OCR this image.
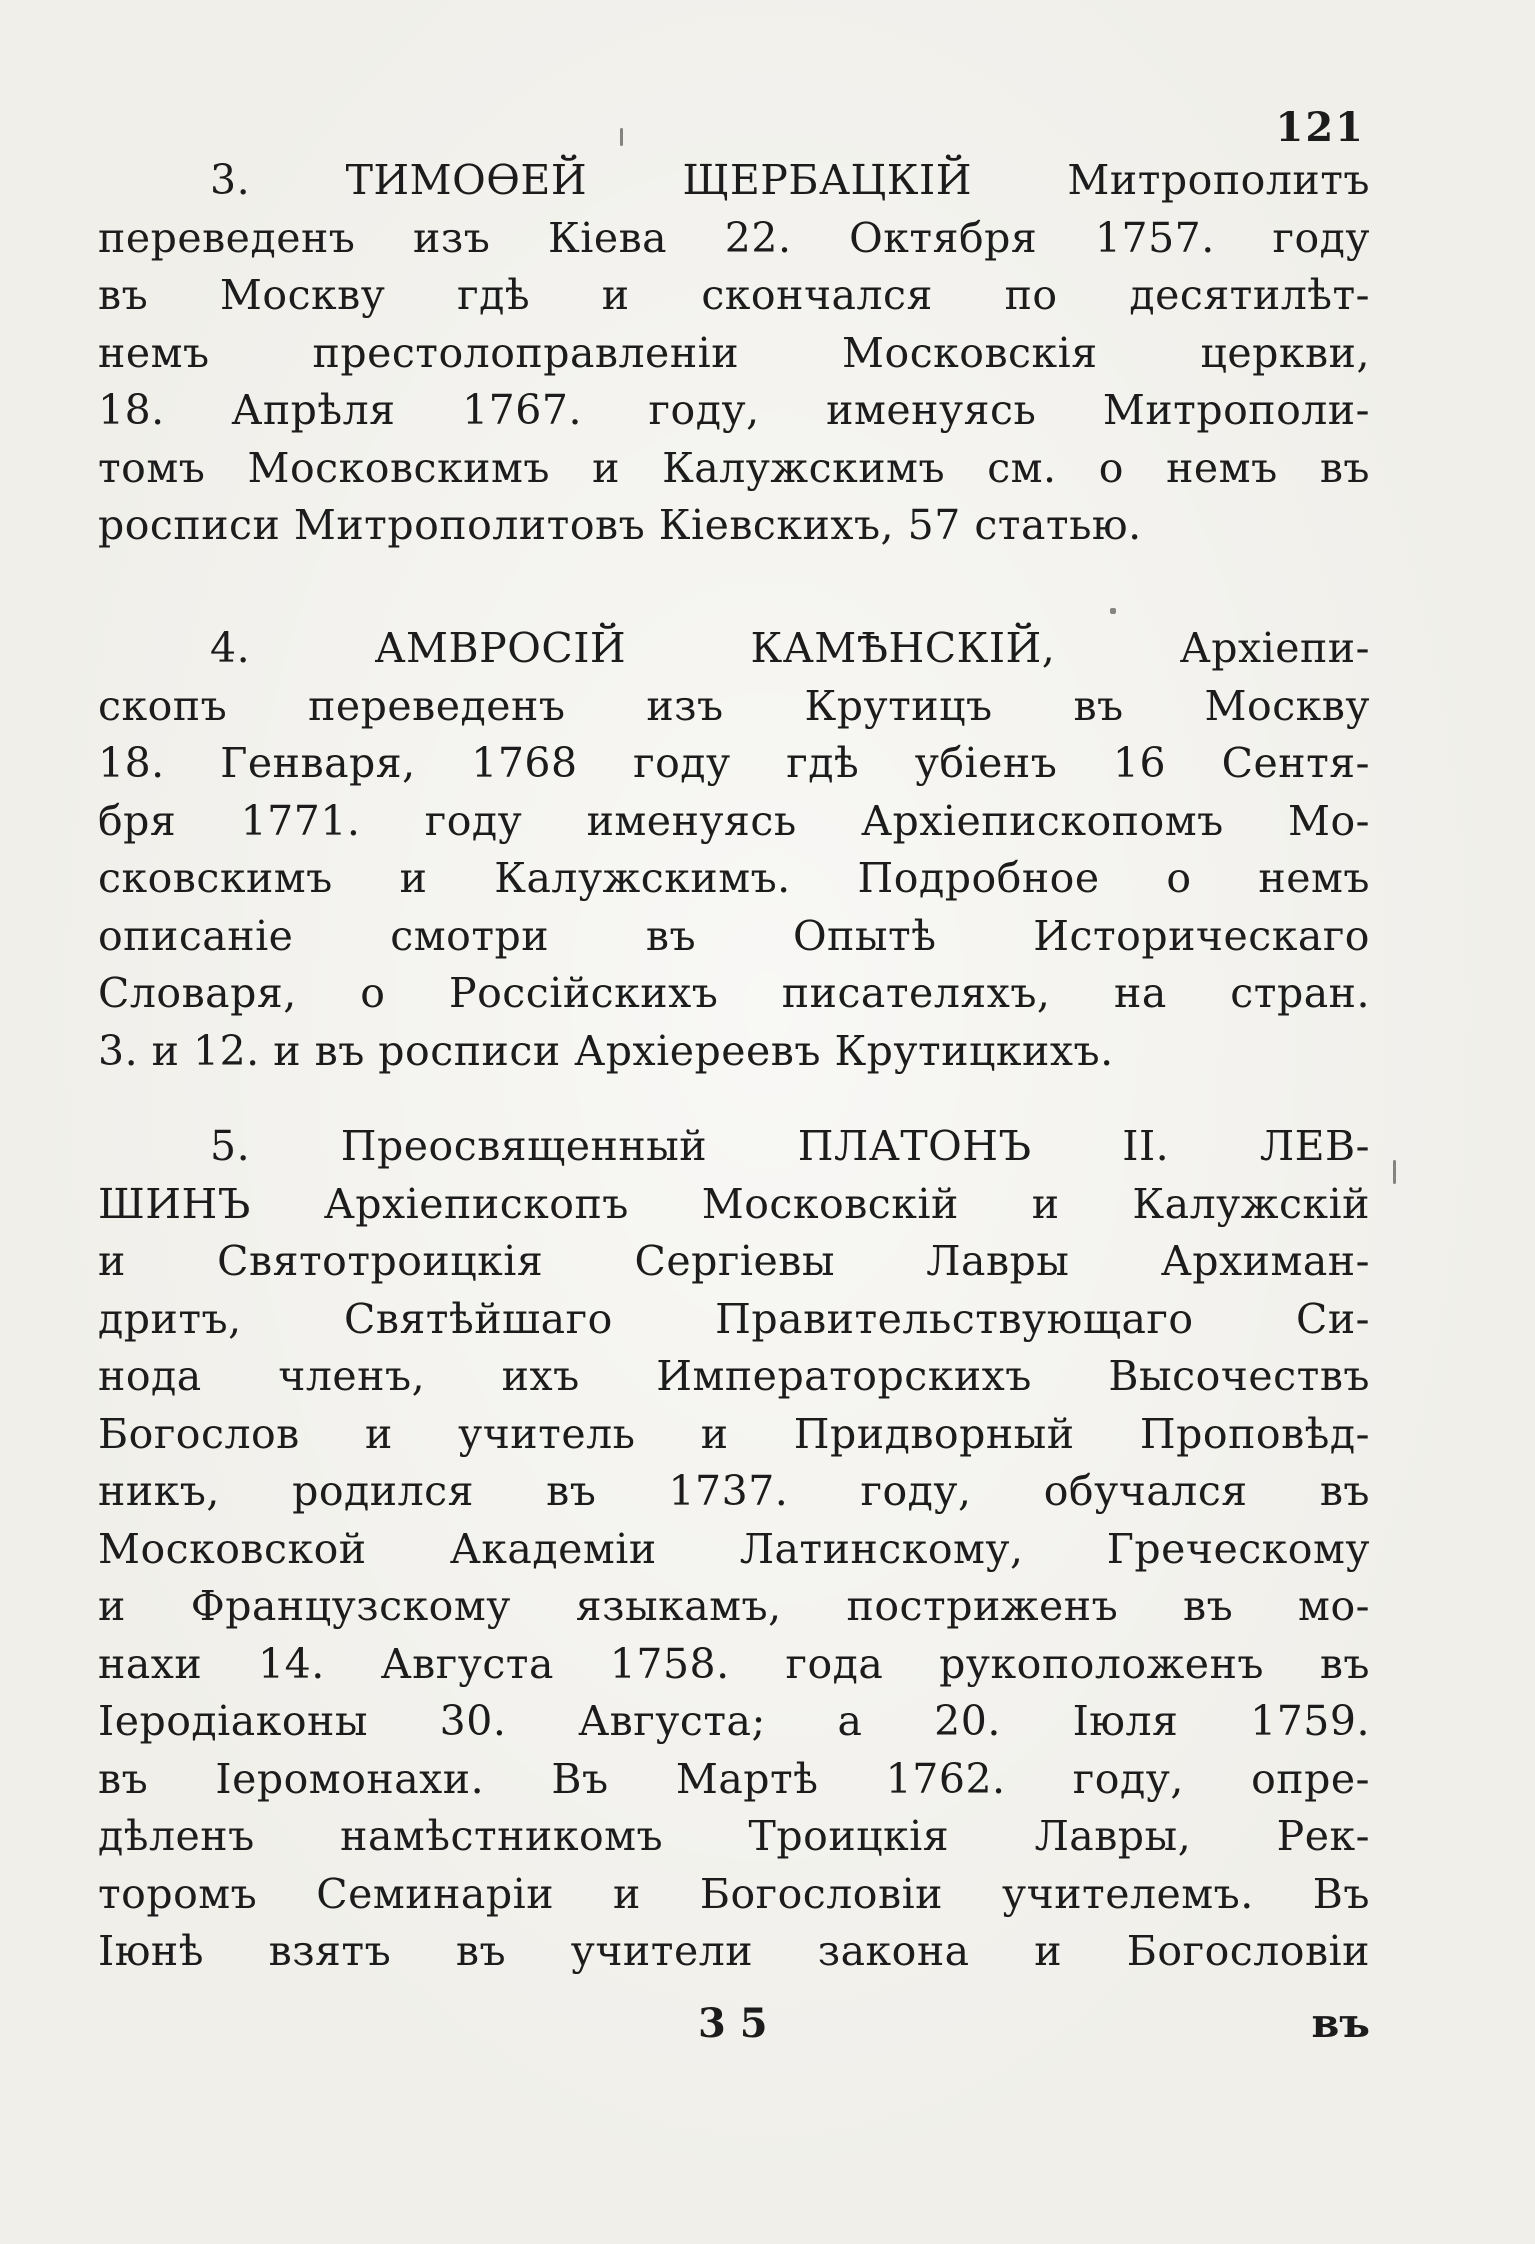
121
3. ТИМОѲЕЙ ЩЕРБАЦКІЙ Митрополитъ
переведенъ изъ Кіева 22. Октября 1757. году
въ Москву гдѣ и скончался по десятилѣт-
немъ престолоправленіи Московскія церкви,
18. Апрѣля 1767. году, именуясь Митрополи-
томъ Московскимъ и Калужскимъ см. о немъ въ
росписи Митрополитовъ Кіевскихъ, 57 статью.
4. АМВРОСІЙ КАМѢНСКІЙ, Архіепи-
скопъ переведенъ изъ Крутицъ въ Москву
18. Генваря, 1768 году гдѣ убіенъ 16 Сентя-
бря 1771. году именуясь Архіепископомъ Мо-
сковскимъ и Калужскимъ. Подробное о немъ
описаніе смотри въ Опытѣ Историческаго
Словаря, о Россійскихъ писателяхъ, на стран.
3. и 12. и въ росписи Архіереевъ Крутицкихъ.
5. Преосвященный ПЛАТОНЪ II. ЛЕВ-
ШИНЪ Архіепископъ Московскій и Калужскій
и Святотроицкія Сергіевы Лавры Архиман-
дритъ, Святѣйшаго Правительствующаго Си-
нода членъ, ихъ Императорскихъ Высочествъ
Богослов и учитель и Придворный Проповѣд-
никъ, родился въ 1737. году, обучался въ
Московской Академіи Латинскому, Греческому
и Французскому языкамъ, постриженъ въ мо-
нахи 14. Августа 1758. года рукоположенъ въ
Іеродіаконы 30. Августа; а 20. Іюля 1759.
въ Іеромонахи. Въ Мартѣ 1762. году, опре-
дѣленъ намѣстникомъ Троицкія Лавры, Рек-
торомъ Семинаріи и Богословіи учителемъ. Въ
Іюнѣ взятъ въ учители закона и Богословіи
3 5	въ
